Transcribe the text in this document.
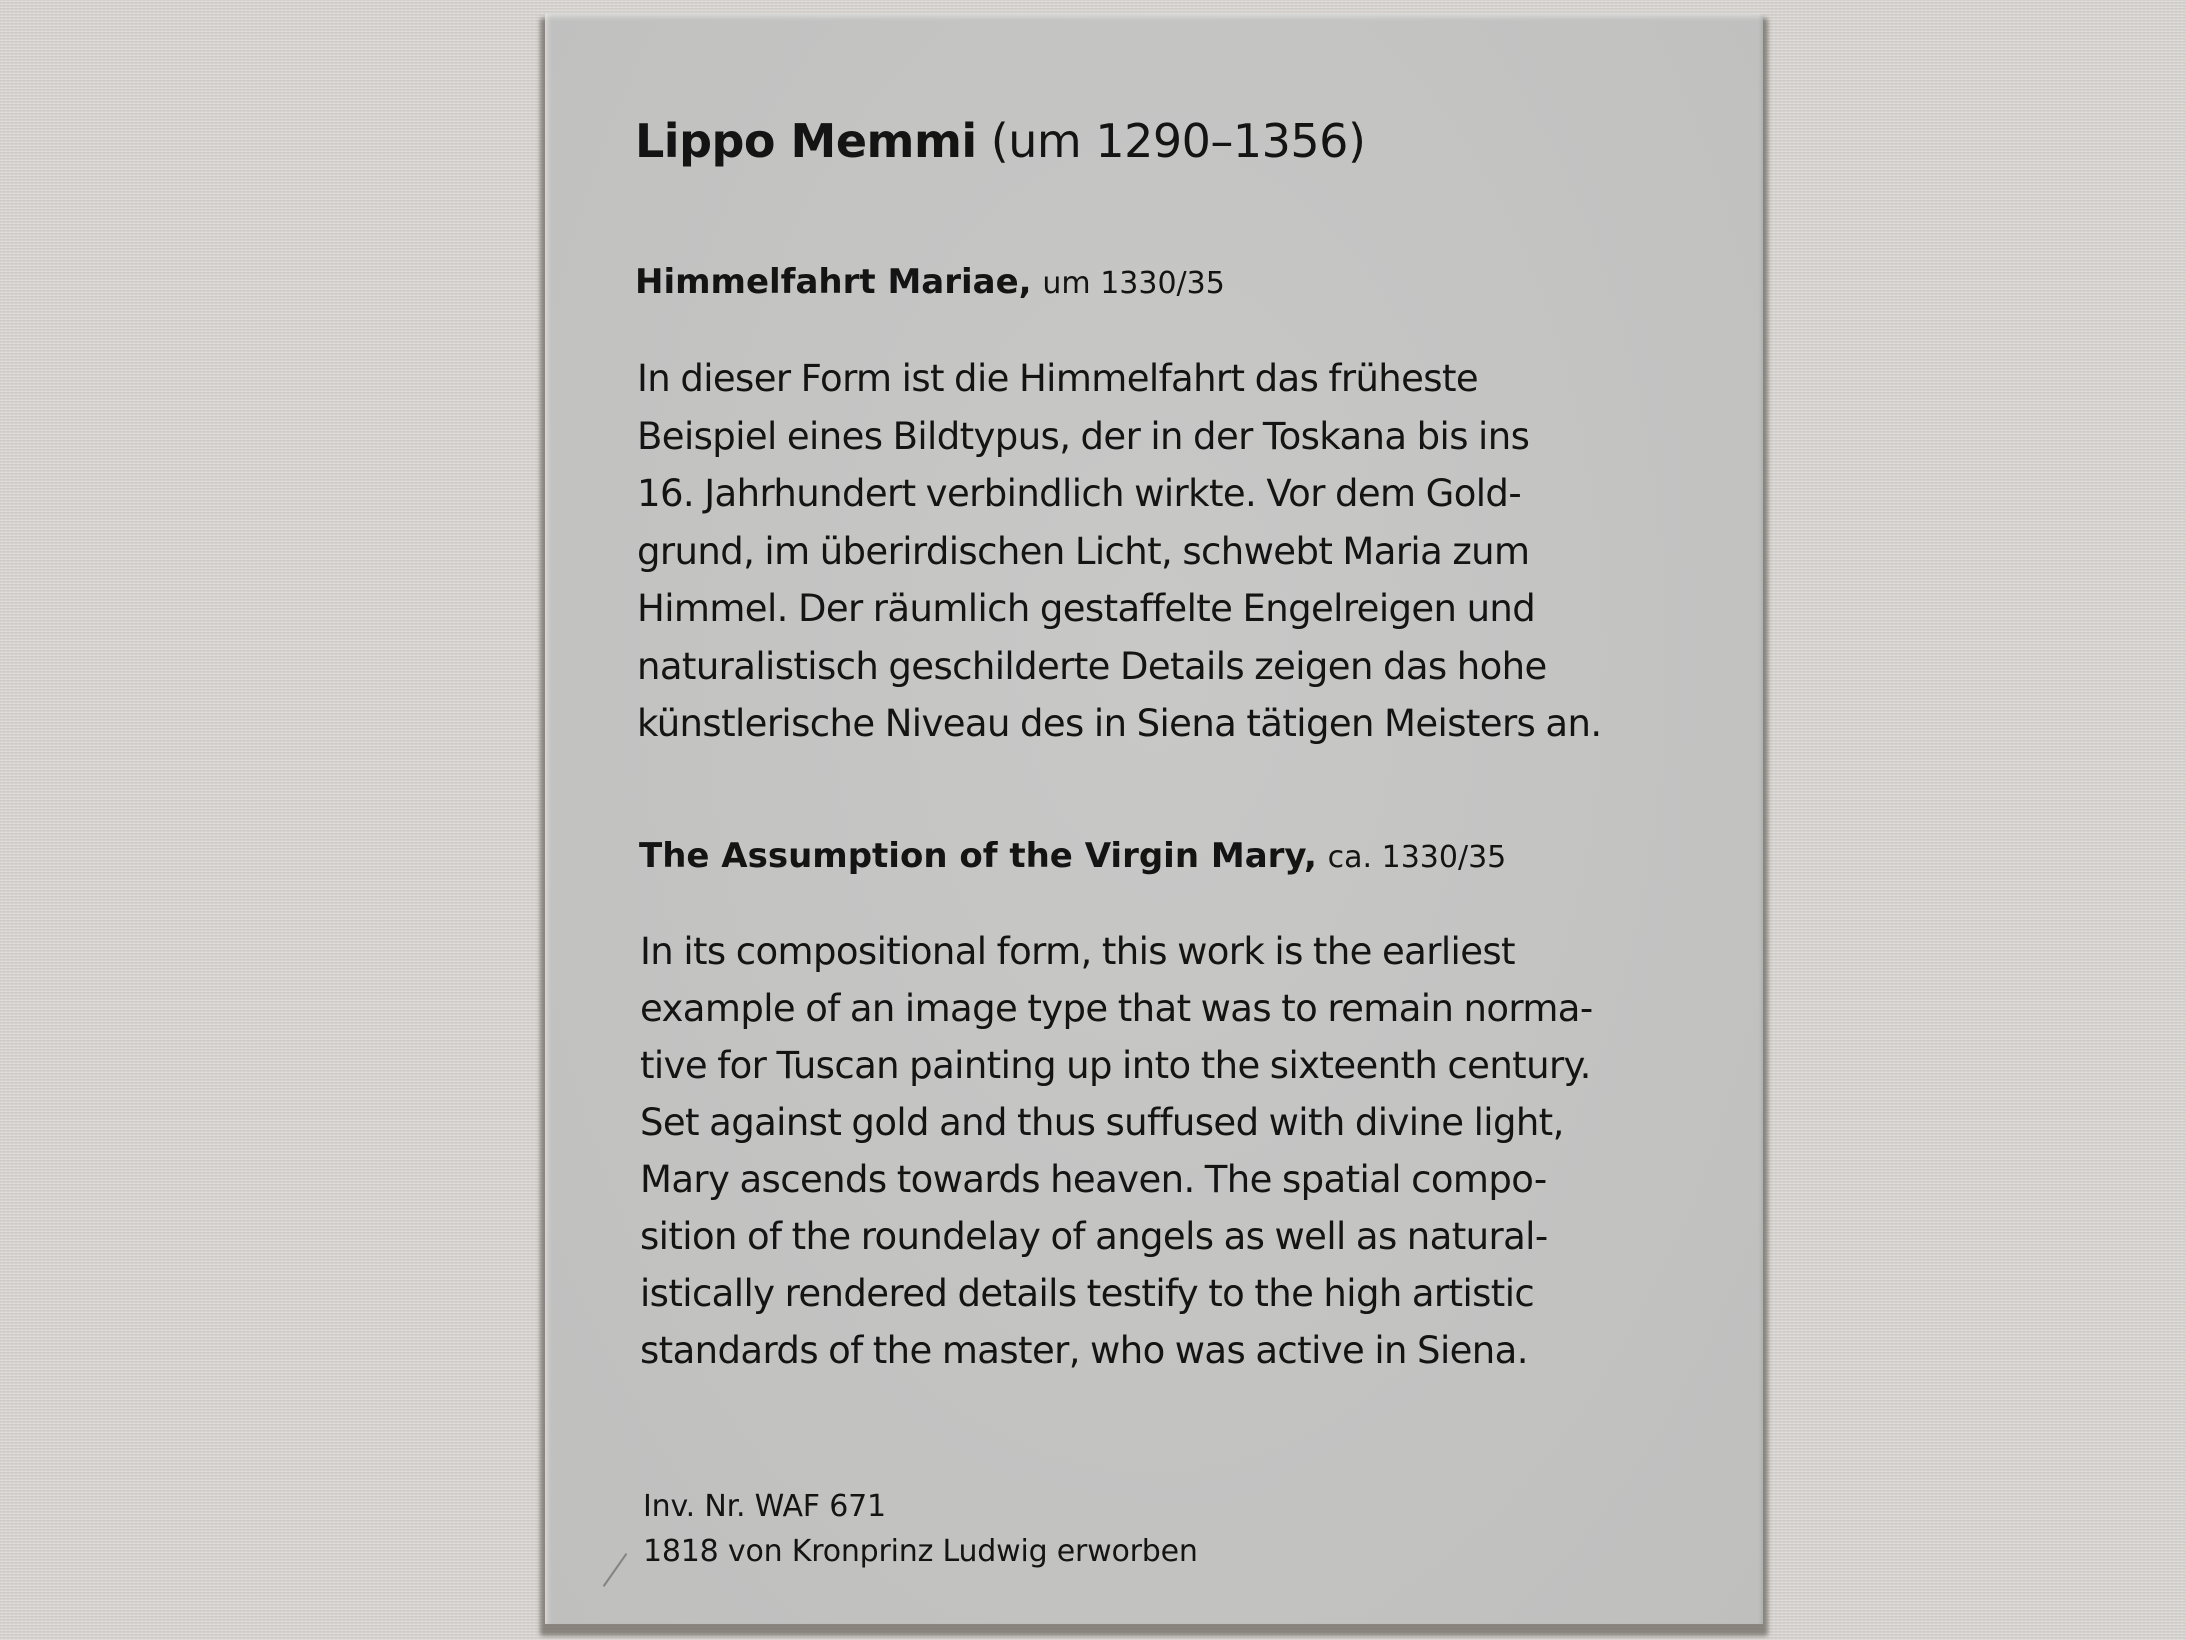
Lippo Memmi (um 1290–1356)
Himmelfahrt Mariae, um 1330/35
In dieser Form ist die Himmelfahrt das früheste
Beispiel eines Bildtypus, der in der Toskana bis ins
16. Jahrhundert verbindlich wirkte. Vor dem Gold-
grund, im überirdischen Licht, schwebt Maria zum
Himmel. Der räumlich gestaffelte Engelreigen und
naturalistisch geschilderte Details zeigen das hohe
künstlerische Niveau des in Siena tätigen Meisters an.
The Assumption of the Virgin Mary, ca. 1330/35
In its compositional form, this work is the earliest
example of an image type that was to remain norma-
tive for Tuscan painting up into the sixteenth century.
Set against gold and thus suffused with divine light,
Mary ascends towards heaven. The spatial compo-
sition of the roundelay of angels as well as natural-
istically rendered details testify to the high artistic
standards of the master, who was active in Siena.
Inv. Nr. WAF 671
1818 von Kronprinz Ludwig erworben
